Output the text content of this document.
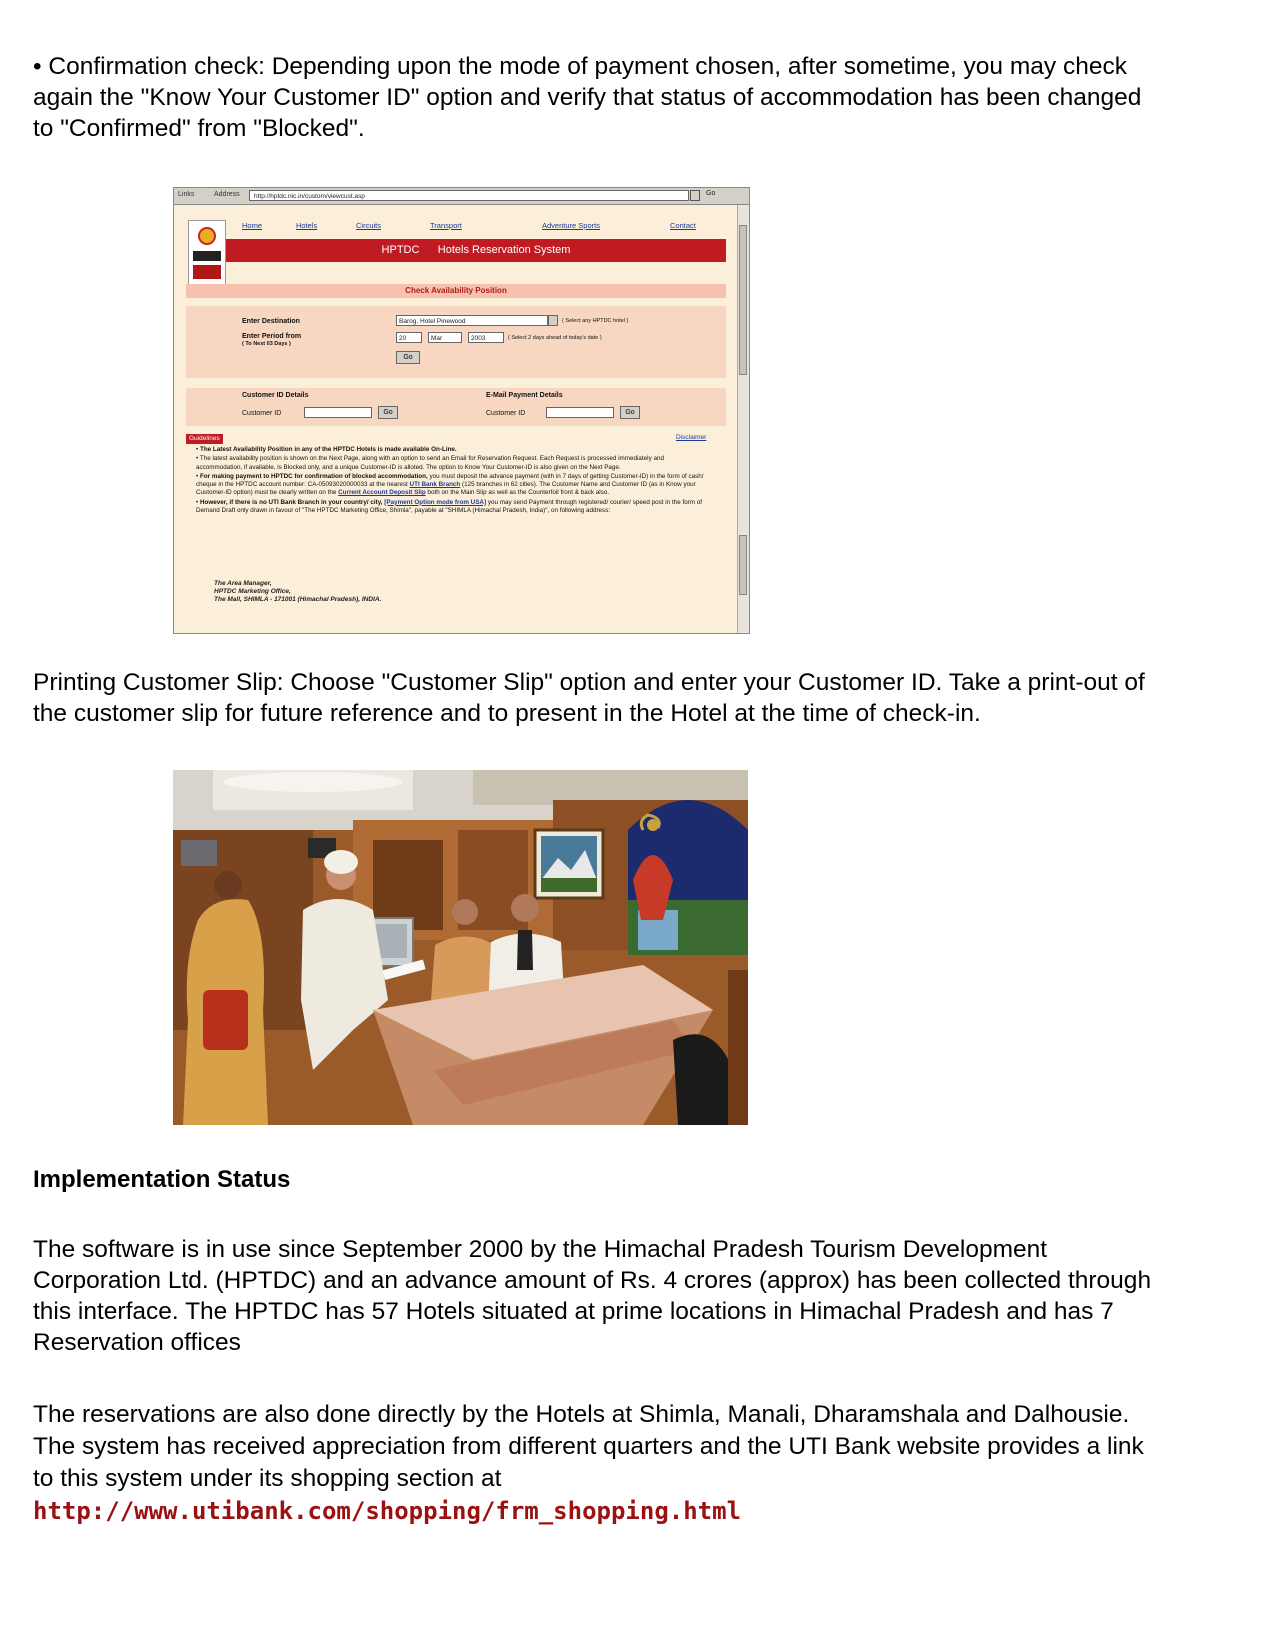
• Confirmation check: Depending upon the mode of payment chosen, after sometime, you may check again the "Know Your Customer ID" option and verify that status of accommodation has been changed to "Confirmed" from "Blocked".

Links	Address	http://hptdc.nic.in/custom/viewcust.asp	Go
Home	Hotels	Circuits	Transport	Adventure Sports	Contact
HPTDC Hotels Reservation System
Check Availability Position
Enter Destination	Barog, Hotel Pinewood	( Select any HPTDC hotel )
Enter Period from
( To Next 03 Days )
20	Mar	2003	( Select 2 days ahead of today's date )
Go
Customer ID Details	E-Mail Payment Details
Customer ID	Go	Customer ID	Go
Guidelines	Disclaimer

• The Latest Availability Position in any of the HPTDC Hotels is made available On-Line.

• The latest availability position is shown on the Next Page, along with an option to send an Email for Reservation Request. Each Request is processed immediately and accommodation, if available, is Blocked only, and a unique Customer-ID is alloted. The option to Know Your Customer-ID is also given on the Next Page.

• For making payment to HPTDC for confirmation of blocked accommodation, you must deposit the advance payment (with in 7 days of getting Customer-ID) in the form of cash/ cheque in the HPTDC account number: CA-05093020000033 at the nearest UTI Bank Branch (125 branches in 62 cities). The Customer Name and Customer ID (as in Know your Customer-ID option) must be clearly written on the Current Account Deposit Slip both on the Main Slip as well as the Counterfoil front & back also.

• However, if there is no UTI Bank Branch in your country/ city, [Payment Option mode from USA] you may send Payment through registered/ courier/ speed post in the form of Demand Draft only drawn in favour of "The HPTDC Marketing Office, Shimla", payable at "SHIMLA (Himachal Pradesh, India)", on following address:

The Area Manager,
HPTDC Marketing Office,
The Mall, SHIMLA - 171001 (Himachal Pradesh), INDIA.

Printing Customer Slip: Choose "Customer Slip" option and enter your Customer ID. Take a print-out of the customer slip for future reference and to present in the Hotel at the time of check-in.

Implementation Status

The software is in use since September 2000 by the Himachal Pradesh Tourism Development Corporation Ltd. (HPTDC) and an advance amount of Rs. 4 crores (approx) has been collected through this interface. The HPTDC has 57 Hotels situated at prime locations in Himachal Pradesh and has 7 Reservation offices

The reservations are also done directly by the Hotels at Shimla, Manali, Dharamshala and Dalhousie. The system has received appreciation from different quarters and the UTI Bank website provides a link to this system under its shopping section at http://www.utibank.com/shopping/frm_shopping.html
